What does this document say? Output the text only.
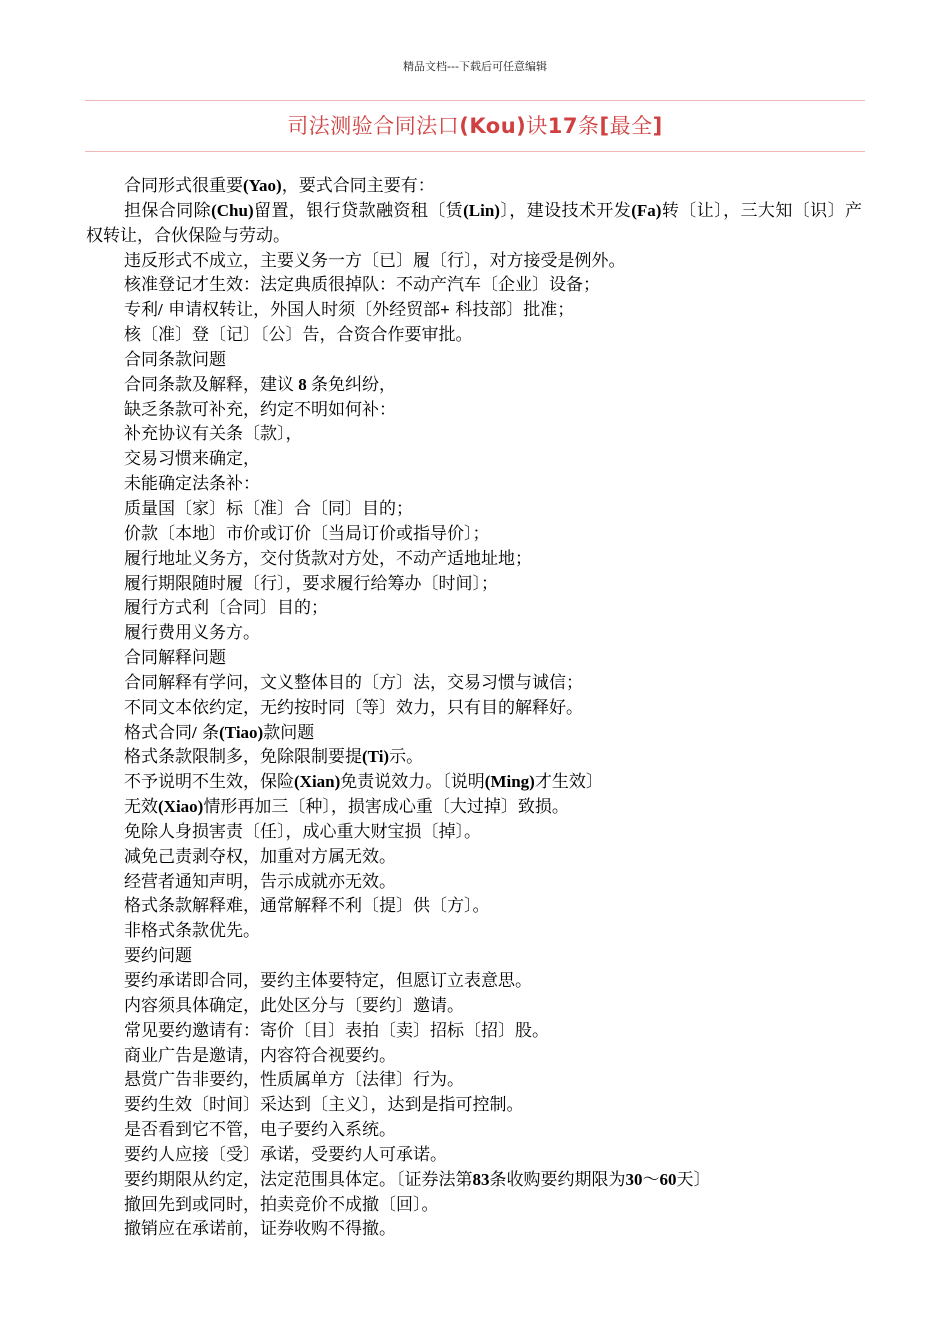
精品文档---下载后可任意编辑
司法测验合同法口(Kou)诀17条[最全]

合同形式很重要(Yao)，要式合同主要有：

担保合同除(Chu)留置，银行贷款融资租〔赁(Lin)〕，建设技术开发(Fa)转〔让〕，三大知〔识〕产权转让，合伙保险与劳动。

违反形式不成立，主要义务一方〔已〕履〔行〕，对方接受是例外。

核准登记才生效：法定典质很掉队：不动产汽车〔企业〕设备；

专利/ 申请权转让，外国人时须〔外经贸部+ 科技部〕批准；

核〔准〕登〔记〕〔公〕告，合资合作要审批。

合同条款问题

合同条款及解释，建议 8 条免纠纷，

缺乏条款可补充，约定不明如何补：

补充协议有关条〔款〕，

交易习惯来确定，

未能确定法条补：

质量国〔家〕标〔准〕合〔同〕目的；

价款〔本地〕市价或订价〔当局订价或指导价〕；

履行地址义务方，交付货款对方处，不动产适地址地；

履行期限随时履〔行〕，要求履行给筹办〔时间〕；

履行方式利〔合同〕目的；

履行费用义务方。

合同解释问题

合同解释有学问，文义整体目的〔方〕法，交易习惯与诚信；

不同文本依约定，无约按时同〔等〕效力，只有目的解释好。

格式合同/ 条(Tiao)款问题

格式条款限制多，免除限制要提(Ti)示。

不予说明不生效，保险(Xian)免责说效力。〔说明(Ming)才生效〕

无效(Xiao)情形再加三〔种〕，损害成心重〔大过掉〕致损。

免除人身损害责〔任〕，成心重大财宝损〔掉〕。

减免己责剥夺权，加重对方属无效。

经营者通知声明，告示成就亦无效。

格式条款解释难，通常解释不利〔提〕供〔方〕。

非格式条款优先。

要约问题

要约承诺即合同，要约主体要特定，但愿订立表意思。

内容须具体确定，此处区分与〔要约〕邀请。

常见要约邀请有：寄价〔目〕表拍〔卖〕招标〔招〕股。

商业广告是邀请，内容符合视要约。

悬赏广告非要约，性质属单方〔法律〕行为。

要约生效〔时间〕采达到〔主义〕，达到是指可控制。

是否看到它不管，电子要约入系统。

要约人应接〔受〕承诺，受要约人可承诺。

要约期限从约定，法定范围具体定。〔证券法第83条收购要约期限为30～60天〕

撤回先到或同时，拍卖竞价不成撤〔回〕。

撤销应在承诺前，证券收购不得撤。
